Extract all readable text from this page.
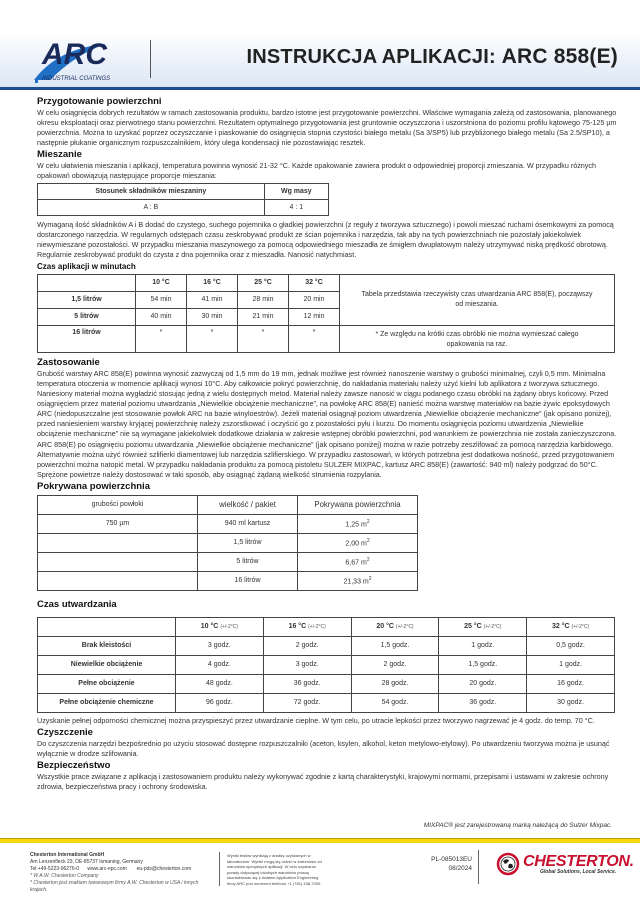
ARC
INDUSTRIAL COATINGS
INSTRUKCJA APLIKACJI: ARC 858(E)
Przygotowanie powierzchni

W celu osiągnięcia dobrych rezultatów w ramach zastosowania produktu, bardzo istotne jest przygotowanie powierzchni. Właściwe wymagania zależą od zastosowania, planowanego okresu eksploatacji oraz pierwotnego stanu powierzchni. Rezultatem optymalnego przygotowania jest gruntownie oczyszczona i uszorstniona do poziomu profilu kątowego 75-125 µm powierzchnia. Można to uzyskać poprzez oczyszczanie i piaskowanie do osiągnięcia stopnia czystości białego metalu (Sa 3/SP5) lub przybliżonego białego metalu (Sa 2.5/SP10), a następnie płukanie organicznym rozpuszczalnikiem, który ulega kondensacji nie pozostawiając resztek.

Mieszanie

W celu ułatwienia mieszania i aplikacji, temperatura powinna wynosić 21-32 °C. Każde opakowanie zawiera produkt o odpowiedniej proporcji zmieszania. W przypadku różnych opakowań obowiązują następujące proporcje mieszania:

Stosunek składników mieszaniny	Wg masy
A : B	4 : 1

Wymaganą ilość składników A i B dodać do czystego, suchego pojemnika o gładkiej powierzchni (z reguły z tworzywa sztucznego) i powoli mieszać ruchami ósemkowymi za pomocą dostarczonego narzędzia. W regularnych odstępach czasu zeskrobywać produkt ze ścian pojemnika i narzędzia, tak aby na tych powierzchniach nie pozostały jakiekolwiek niewymieszane pozostałości. W przypadku mieszania maszynowego za pomocą odpowiedniego mieszadła ze śmigłem dwupłatowym należy utrzymywać niską prędkość obrotową. Regularnie zeskrobywać produkt do czysta z dna pojemnika oraz z mieszadła. Nanosić natychmiast.

Czas aplikacji w minutach
	10 °C	16 °C	25 °C	32 °C	Tabela przedstawia rzeczywisty czas utwardzania ARC 858(E), począwszy od mieszania.
1,5 litrów	54 min	41 min	28 min	20 min	
5 litrów	40 min	30 min	21 min	12 min	
16 litrów	*	*	*	*	* Ze względu na krótki czas obróbki nie można wymieszać całego opakowania na raz.
Zastosowanie

Grubość warstwy ARC 858(E) powinna wynosić zazwyczaj od 1,5 mm do 19 mm, jednak możliwe jest również nanoszenie warstwy o grubości minimalnej, czyli 0,5 mm. Minimalna temperatura otoczenia w momencie aplikacji wynosi 10°C. Aby całkowicie pokryć powierzchnię, do nakładania materiału należy użyć kielni lub aplikatora z tworzywa sztucznego. Naniesiony materiał można wygładzić stosując jedną z wielu dostępnych metod. Materiał należy zawsze nanosić w ciągu podanego czasu obróbki na żądany obrys końcowy. Przed osiągnięciem przez materiał poziomu utwardzania „Niewielkie obciążenie mechaniczne”, na powłokę ARC 858(E) nanieść można warstwę materiałów na bazie żywic epoksydowych ARC (niedopuszczalne jest stosowanie powłok ARC na bazie winyloestrów). Jeżeli materiał osiągnął poziom utwardzenia „Niewielkie obciążenie mechaniczne” (jak opisano poniżej), przed naniesieniem warstwy kryjącej powierzchnię należy zszorstkować i oczyścić go z pozostałości pyłu i kurzu. Do momentu osiągnięcia poziomu utwardzenia „Niewielkie obciążenie mechaniczne” nie są wymagane jakiekolwiek dodatkowe działania w zakresie wstępnej obróbki powierzchni, pod warunkiem że powierzchnia nie została zanieczyszczona.

ARC 858(E) po osiągnięciu poziomu utwardzania „Niewielkie obciążenie mechaniczne” (jak opisano poniżej) można w razie potrzeby zeszlifować za pomocą narzędzia karbidowego. Alternatywnie można użyć również szlifierki diamentowej lub narzędzia szlifierskiego. W przypadku zastosowań, w których potrzebna jest dodatkowa nośność, przed przygotowaniem powierzchni można natopić metal. W przypadku nakładania produktu za pomocą pistoletu SULZER MIXPAC, kartusz ARC 858(E) (zawartość: 940 ml) należy podgrzać do 50°C. Sprężone powietrze należy dostosować w taki sposób, aby osiągnąć żądaną wielkość strumienia rozpylania.

Pokrywana powierzchnia
grubości powłoki	wielkość / pakiet	Pokrywana powierzchnia
750 µm	940 ml kartusz	1,25 $m^2$
	1,5 litrów	2,00 $m^2$
	5 litrów	6,67 $m^2$
	16 litrów	21,33 $m^2$
Czas utwardzania
	10 °C (+/-2°C)	16 °C (+/-2°C)	20 °C (+/-2°C)	25 °C (+/-2°C)	32 °C (+/-2°C)
Brak kleistości	3 godz.	2 godz.	1,5 godz.	1 godz.	0,5 godz.
Niewielkie obciążenie	4 godz.	3 godz.	2 godz.	1,5 godz.	1 godz.
Pełne obciążenie	48 godz.	36 godz.	28 godz.	20 godz.	16 godz.
Pełne obciążenie chemiczne	96 godz.	72 godz.	54 godz.	36 godz.	30 godz.

Uzyskanie pełnej odporności chemicznej można przyspieszyć przez utwardzanie cieplne. W tym celu, po utracie lepkości przez tworzywo nagrzewać je 4 godz. do temp. 70 °C.

Czyszczenie

Do czyszczenia narzędzi bezpośrednio po użyciu stosować dostępne rozpuszczalniki (aceton, ksylen, alkohol, keton metylowo-etylowy). Po utwardzeniu tworzywa można je usunąć wyłącznie w drodze szlifowania.

Bezpieczeństwo

Wszystkie prace związane z aplikacją i zastosowaniem produktu należy wykonywać zgodnie z kartą charakterystyki, krajowymi normami, przepisami i ustawami w zakresie ochrony zdrowia, bezpieczeństwa pracy i ochrony środowiska.

MIXPAC® jest zarejestrowaną marką należącą do Sulzer Mixpac.
Chesterton International GmbH
Am Lenzenfleck 23, DE-85737 Ismaning, Germany
Tel +49-5223-96276-0 www.arc-epc.com eu-pds@chesterton.com
* W A.W. Chesterton Company
* Chesterton jest znakiem towarowym firmy A.W. Chesterton w USA i innych krajach.
Wyniki testów wynikają z analizy uzyskanych w laboratorium. Wyniki mogą się różnić w zależności od warunków specjalnych aplikacji. W celu uzyskania porady dotyczącej lokalnych warunków proszę skontaktować się z działem Application Engineering firmy ARC pod numerem telefonu +1 (781) 438-7000.
PL-085013EU
08/2024	CHESTERTON.
Global Solutions, Local Service.
